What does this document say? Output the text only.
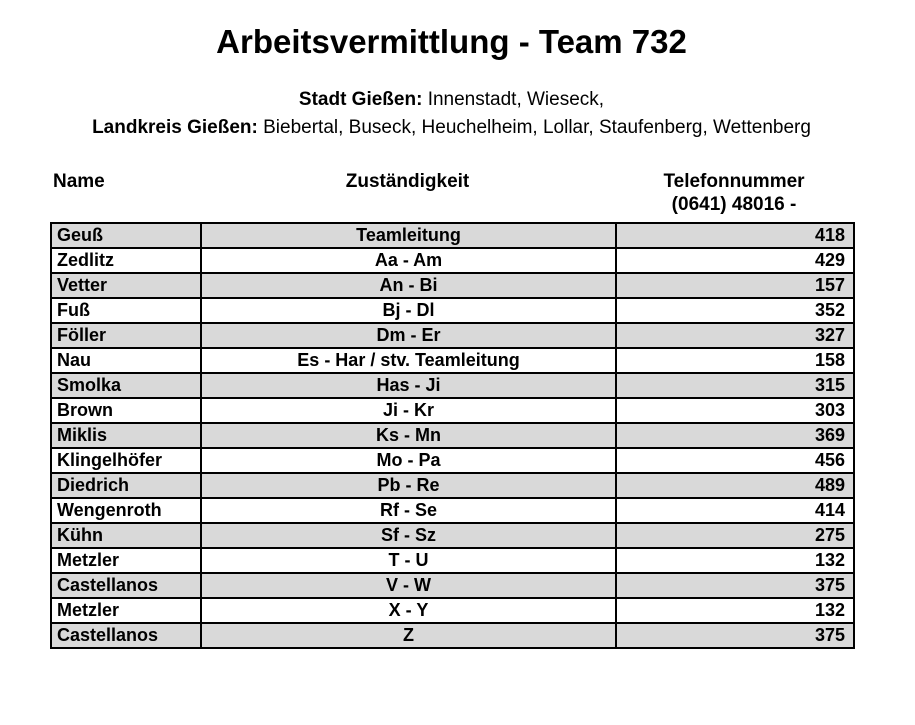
Arbeitsvermittlung - Team 732
Stadt Gießen: Innenstadt, Wieseck,
Landkreis Gießen: Biebertal, Buseck, Heuchelheim, Lollar, Staufenberg, Wettenberg
Name	Zuständigkeit	Telefonnummer
(0641) 48016 -
Geuß	Teamleitung	418
Zedlitz	Aa - Am	429
Vetter	An - Bi	157
Fuß	Bj - Dl	352
Föller	Dm - Er	327
Nau	Es - Har / stv. Teamleitung	158
Smolka	Has - Ji	315
Brown	Ji - Kr	303
Miklis	Ks - Mn	369
Klingelhöfer	Mo - Pa	456
Diedrich	Pb - Re	489
Wengenroth	Rf - Se	414
Kühn	Sf - Sz	275
Metzler	T - U	132
Castellanos	V - W	375
Metzler	X - Y	132
Castellanos	Z	375
